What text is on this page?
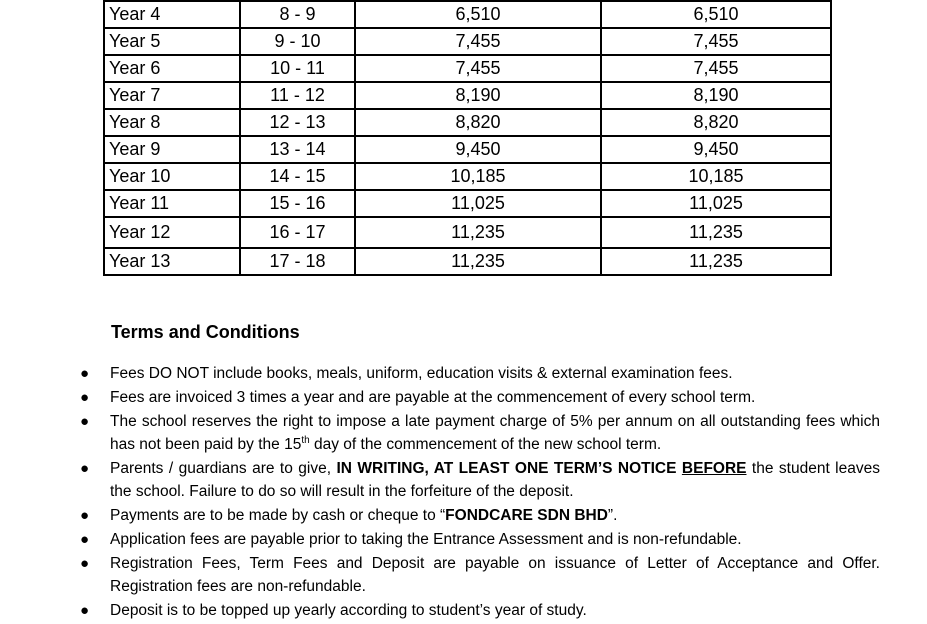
Year 4	8 - 9	6,510	6,510
Year 5	9 - 10	7,455	7,455
Year 6	10 - 11	7,455	7,455
Year 7	11 - 12	8,190	8,190
Year 8	12 - 13	8,820	8,820
Year 9	13 - 14	9,450	9,450
Year 10	14 - 15	10,185	10,185
Year 11	15 - 16	11,025	11,025
Year 12	16 - 17	11,235	11,235
Year 13	17 - 18	11,235	11,235
Terms and Conditions
● Fees DO NOT include books, meals, uniform, education visits & external examination fees.
● Fees are invoiced 3 times a year and are payable at the commencement of every school term.
● The school reserves the right to impose a late payment charge of 5% per annum on all outstanding fees which has not been paid by the 15th day of the commencement of the new school term.
● Parents / guardians are to give, IN WRITING, AT LEAST ONE TERM’S NOTICE BEFORE the student leaves the school. Failure to do so will result in the forfeiture of the deposit.
● Payments are to be made by cash or cheque to “FONDCARE SDN BHD”.
● Application fees are payable prior to taking the Entrance Assessment and is non-refundable.
● Registration Fees, Term Fees and Deposit are payable on issuance of Letter of Acceptance and Offer. Registration fees are non-refundable.
● Deposit is to be topped up yearly according to student’s year of study.
